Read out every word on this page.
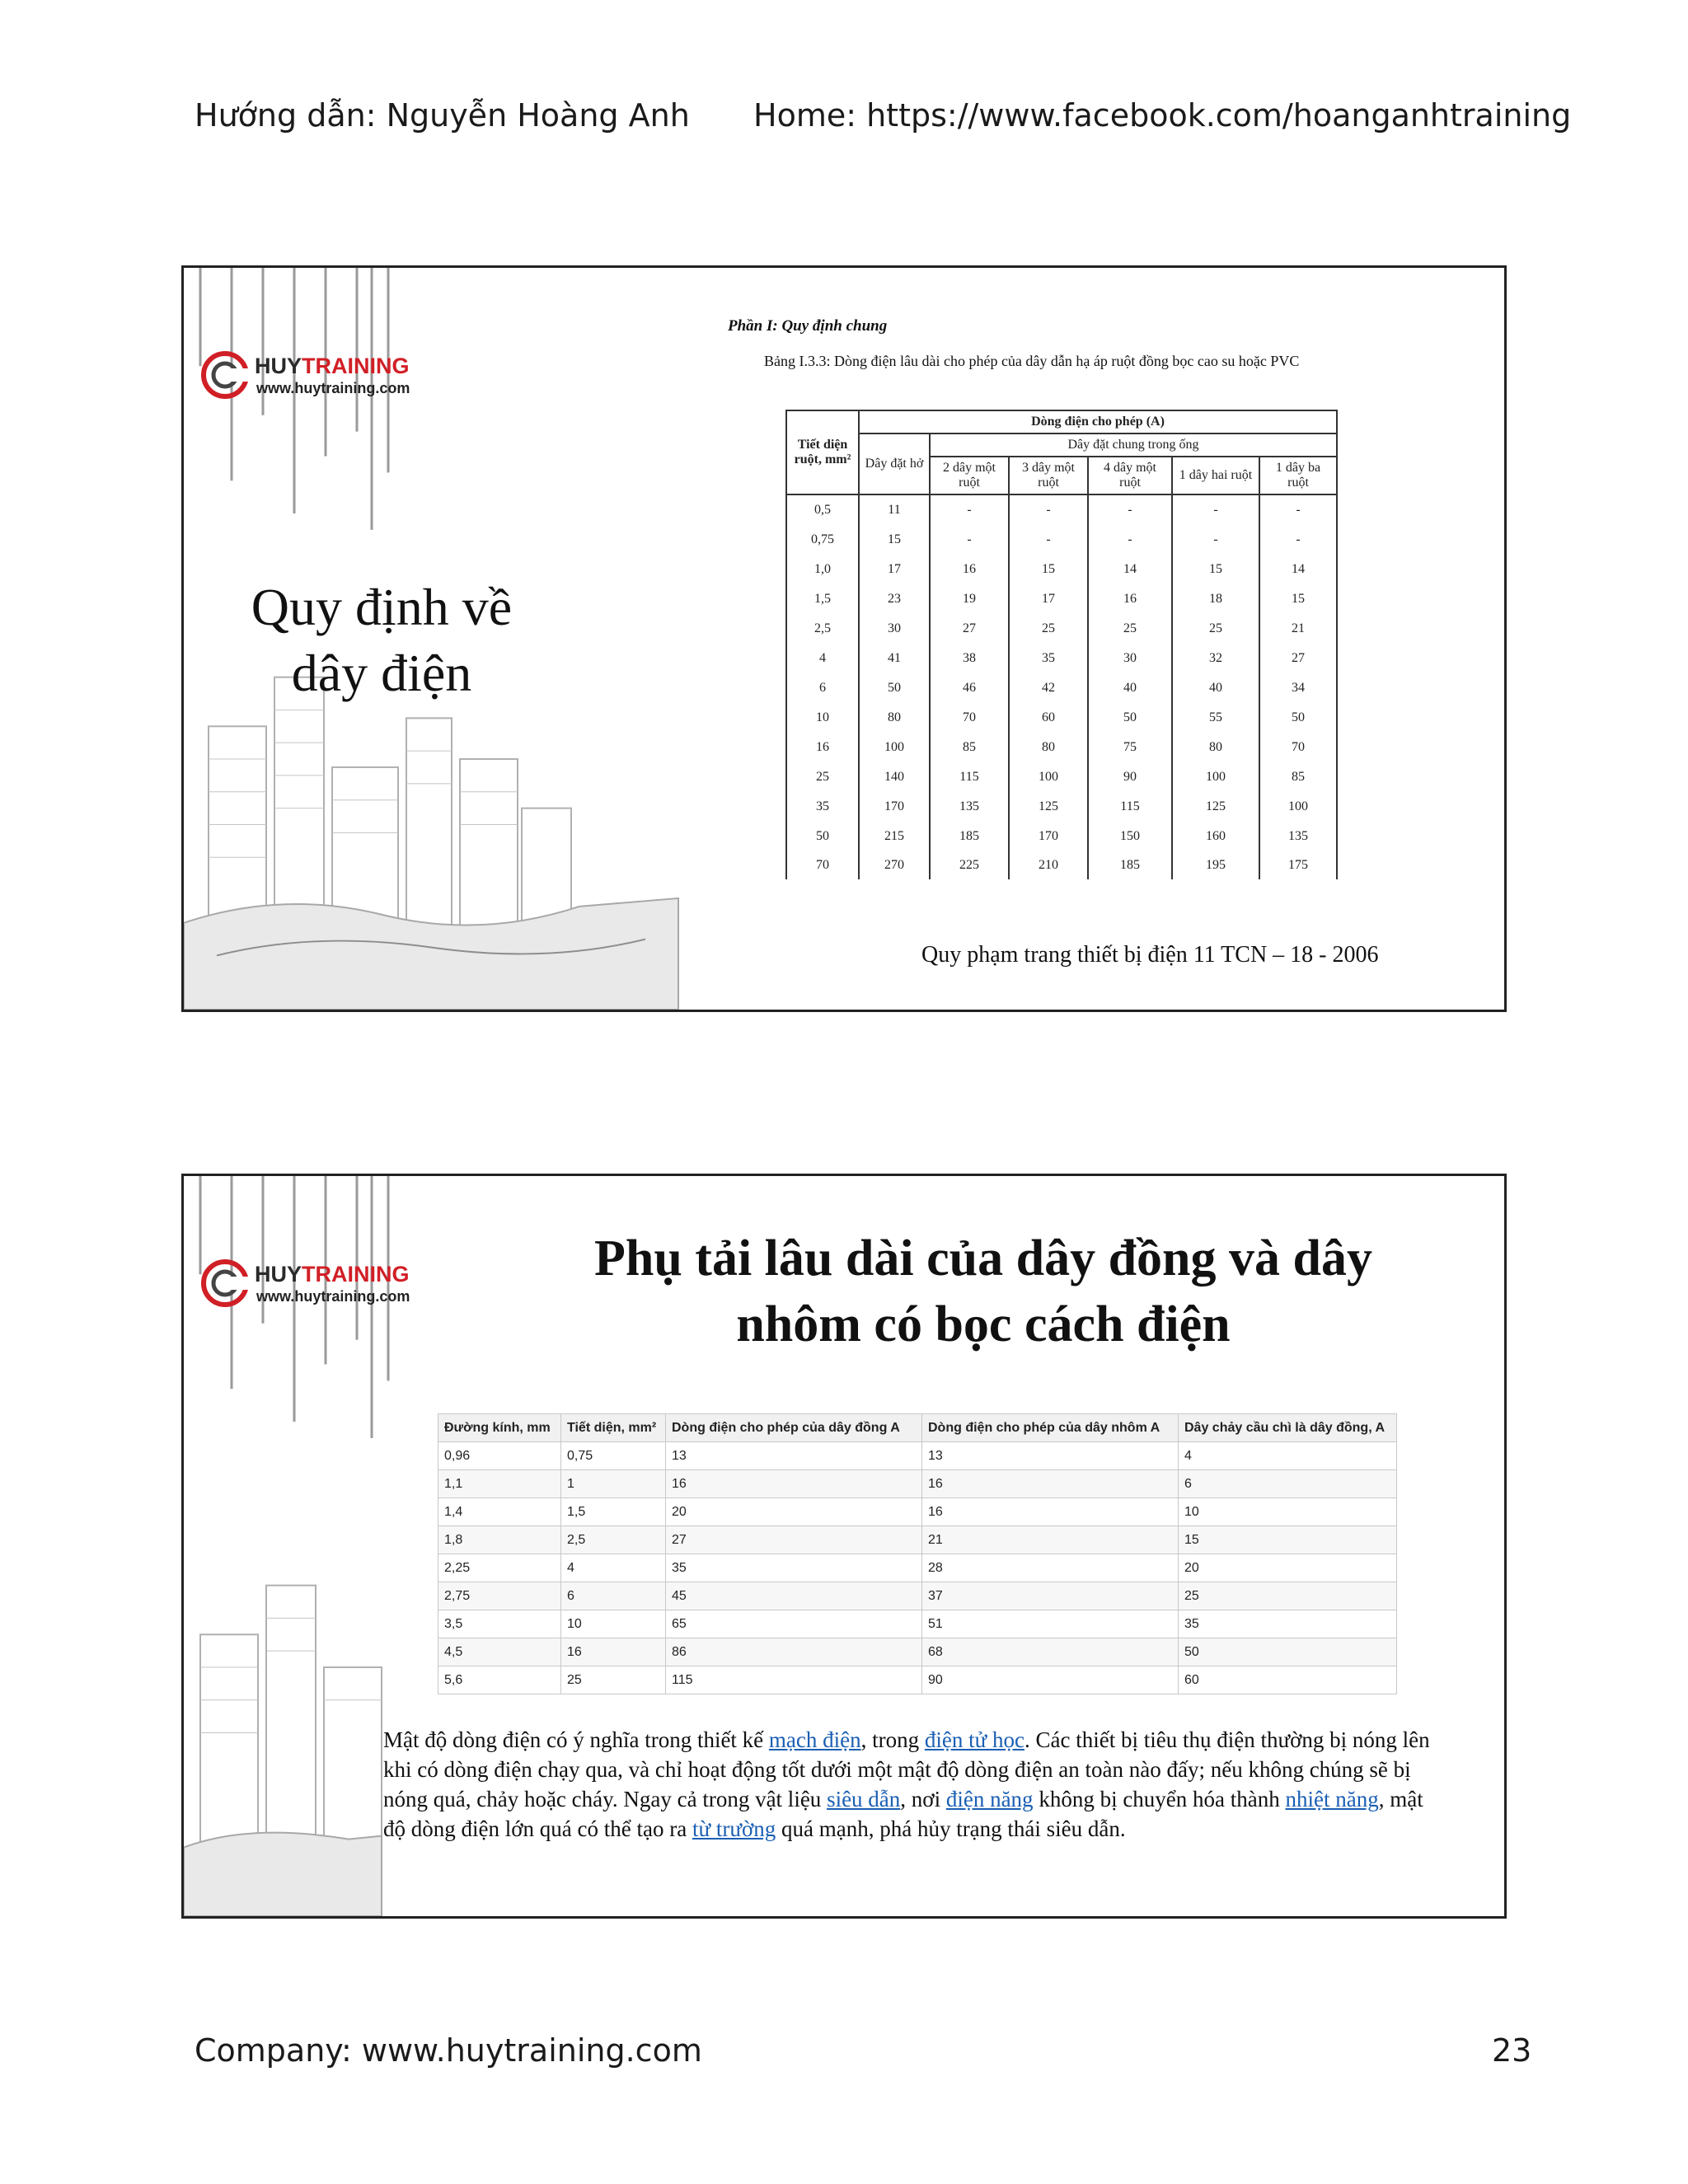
Hướng dẫn: Nguyễn Hoàng Anh Home: https://www.facebook.com/hoanganhtraining
HUYTRAINING
www.huytraining.com
Quy định về
dây điện
Phần I: Quy định chung
Bảng I.3.3: Dòng điện lâu dài cho phép của dây dẫn hạ áp ruột đồng bọc cao su hoặc PVC
Tiết diện ruột, mm²	Dòng điện cho phép (A)					
	Dây đặt hở	Dây đặt chung trong ống				
		2 dây một ruột	3 dây một ruột	4 dây một ruột	1 dây hai ruột	1 dây ba ruột
0,5	11	-	-	-	-	-
0,75	15	-	-	-	-	-
1,0	17	16	15	14	15	14
1,5	23	19	17	16	18	15
2,5	30	27	25	25	25	21
4	41	38	35	30	32	27
6	50	46	42	40	40	34
10	80	70	60	50	55	50
16	100	85	80	75	80	70
25	140	115	100	90	100	85
35	170	135	125	115	125	100
50	215	185	170	150	160	135
70	270	225	210	185	195	175
Quy phạm trang thiết bị điện 11 TCN – 18 - 2006
HUYTRAINING
www.huytraining.com
Phụ tải lâu dài của dây đồng và dây
nhôm có bọc cách điện
Đường kính, mm	Tiết diện, mm²	Dòng điện cho phép của dây đồng A	Dòng điện cho phép của dây nhôm A	Dây chảy cầu chì là dây đồng, A
0,96	0,75	13	13	4
1,1	1	16	16	6
1,4	1,5	20	16	10
1,8	2,5	27	21	15
2,25	4	35	28	20
2,75	6	45	37	25
3,5	10	65	51	35
4,5	16	86	68	50
5,6	25	115	90	60
Mật độ dòng điện có ý nghĩa trong thiết kế mạch điện, trong điện tử học. Các thiết bị tiêu thụ điện thường bị nóng lên khi có dòng điện chạy qua, và chỉ hoạt động tốt dưới một mật độ dòng điện an toàn nào đấy; nếu không chúng sẽ bị nóng quá, chảy hoặc cháy. Ngay cả trong vật liệu siêu dẫn, nơi điện năng không bị chuyển hóa thành nhiệt năng, mật độ dòng điện lớn quá có thể tạo ra từ trường quá mạnh, phá hủy trạng thái siêu dẫn.
Company: www.huytraining.com	23
